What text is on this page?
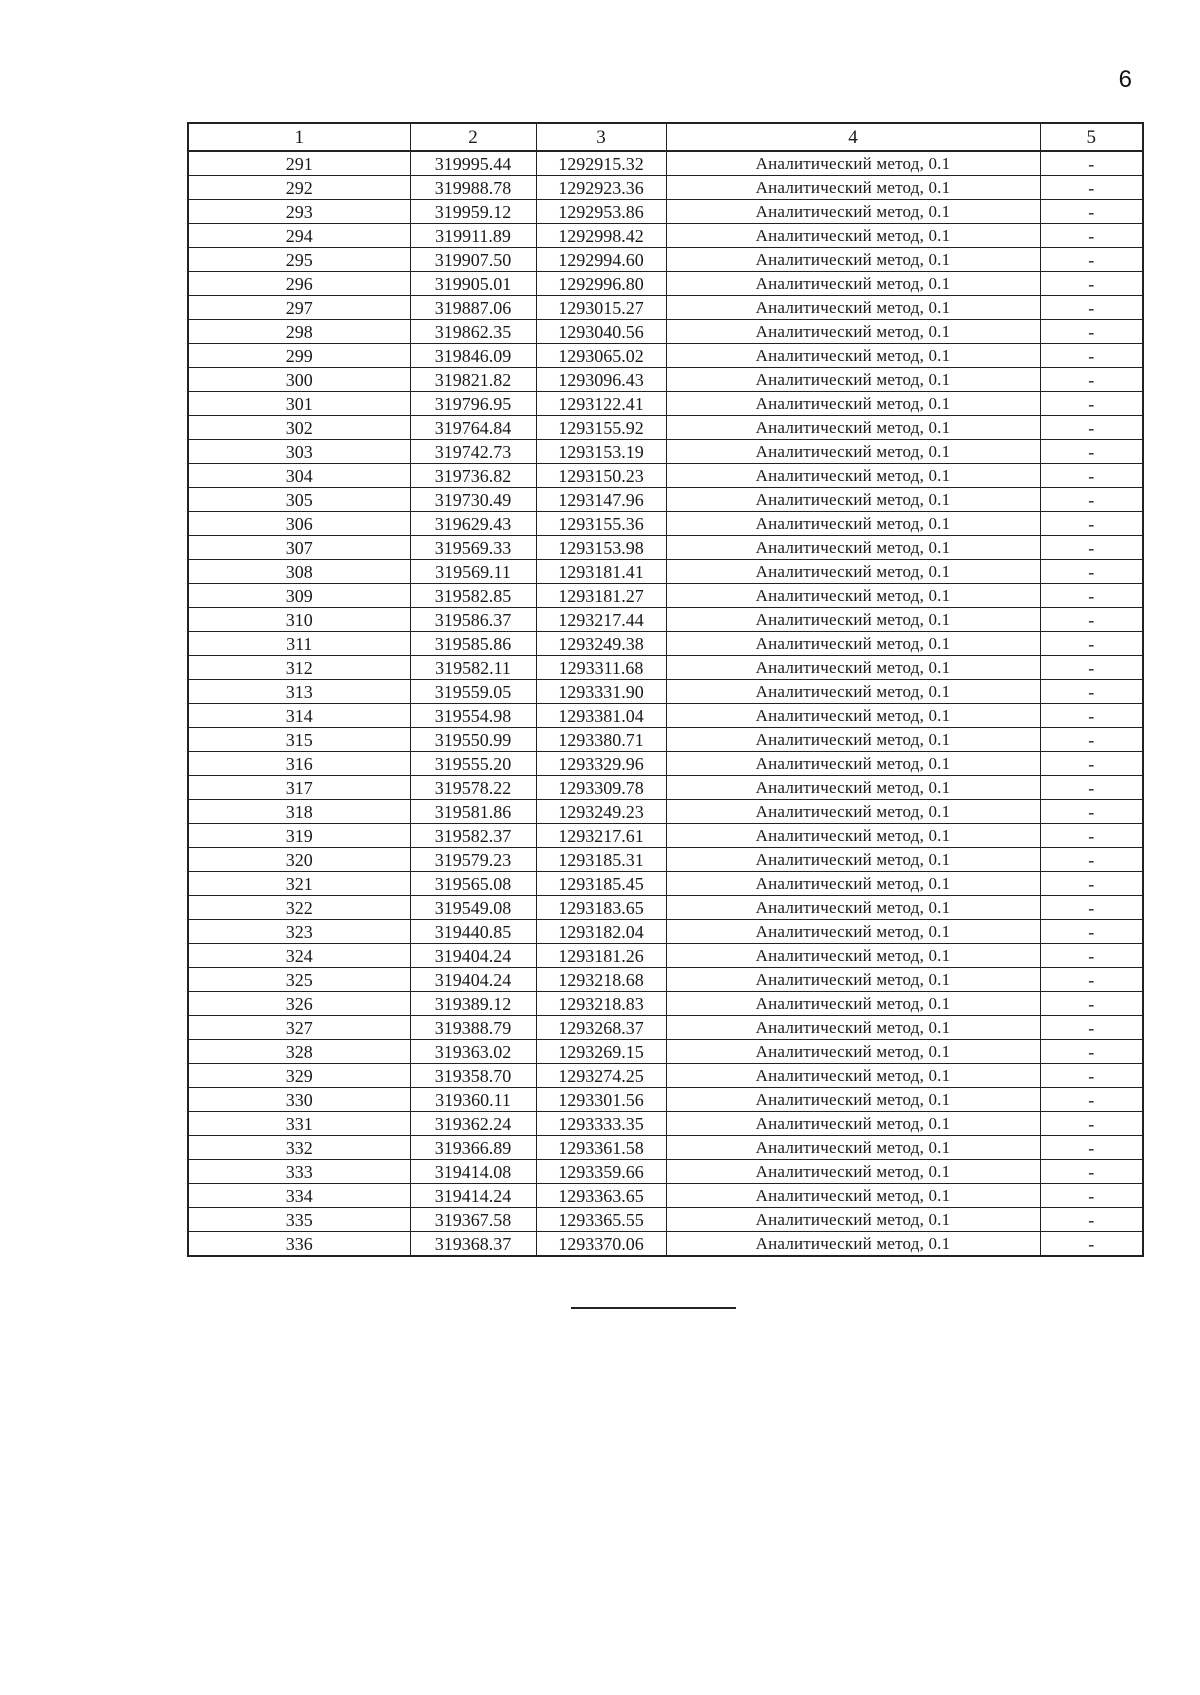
6
1	2	3	4	5
291	319995.44	1292915.32	Аналитический метод, 0.1	-
292	319988.78	1292923.36	Аналитический метод, 0.1	-
293	319959.12	1292953.86	Аналитический метод, 0.1	-
294	319911.89	1292998.42	Аналитический метод, 0.1	-
295	319907.50	1292994.60	Аналитический метод, 0.1	-
296	319905.01	1292996.80	Аналитический метод, 0.1	-
297	319887.06	1293015.27	Аналитический метод, 0.1	-
298	319862.35	1293040.56	Аналитический метод, 0.1	-
299	319846.09	1293065.02	Аналитический метод, 0.1	-
300	319821.82	1293096.43	Аналитический метод, 0.1	-
301	319796.95	1293122.41	Аналитический метод, 0.1	-
302	319764.84	1293155.92	Аналитический метод, 0.1	-
303	319742.73	1293153.19	Аналитический метод, 0.1	-
304	319736.82	1293150.23	Аналитический метод, 0.1	-
305	319730.49	1293147.96	Аналитический метод, 0.1	-
306	319629.43	1293155.36	Аналитический метод, 0.1	-
307	319569.33	1293153.98	Аналитический метод, 0.1	-
308	319569.11	1293181.41	Аналитический метод, 0.1	-
309	319582.85	1293181.27	Аналитический метод, 0.1	-
310	319586.37	1293217.44	Аналитический метод, 0.1	-
311	319585.86	1293249.38	Аналитический метод, 0.1	-
312	319582.11	1293311.68	Аналитический метод, 0.1	-
313	319559.05	1293331.90	Аналитический метод, 0.1	-
314	319554.98	1293381.04	Аналитический метод, 0.1	-
315	319550.99	1293380.71	Аналитический метод, 0.1	-
316	319555.20	1293329.96	Аналитический метод, 0.1	-
317	319578.22	1293309.78	Аналитический метод, 0.1	-
318	319581.86	1293249.23	Аналитический метод, 0.1	-
319	319582.37	1293217.61	Аналитический метод, 0.1	-
320	319579.23	1293185.31	Аналитический метод, 0.1	-
321	319565.08	1293185.45	Аналитический метод, 0.1	-
322	319549.08	1293183.65	Аналитический метод, 0.1	-
323	319440.85	1293182.04	Аналитический метод, 0.1	-
324	319404.24	1293181.26	Аналитический метод, 0.1	-
325	319404.24	1293218.68	Аналитический метод, 0.1	-
326	319389.12	1293218.83	Аналитический метод, 0.1	-
327	319388.79	1293268.37	Аналитический метод, 0.1	-
328	319363.02	1293269.15	Аналитический метод, 0.1	-
329	319358.70	1293274.25	Аналитический метод, 0.1	-
330	319360.11	1293301.56	Аналитический метод, 0.1	-
331	319362.24	1293333.35	Аналитический метод, 0.1	-
332	319366.89	1293361.58	Аналитический метод, 0.1	-
333	319414.08	1293359.66	Аналитический метод, 0.1	-
334	319414.24	1293363.65	Аналитический метод, 0.1	-
335	319367.58	1293365.55	Аналитический метод, 0.1	-
336	319368.37	1293370.06	Аналитический метод, 0.1	-
